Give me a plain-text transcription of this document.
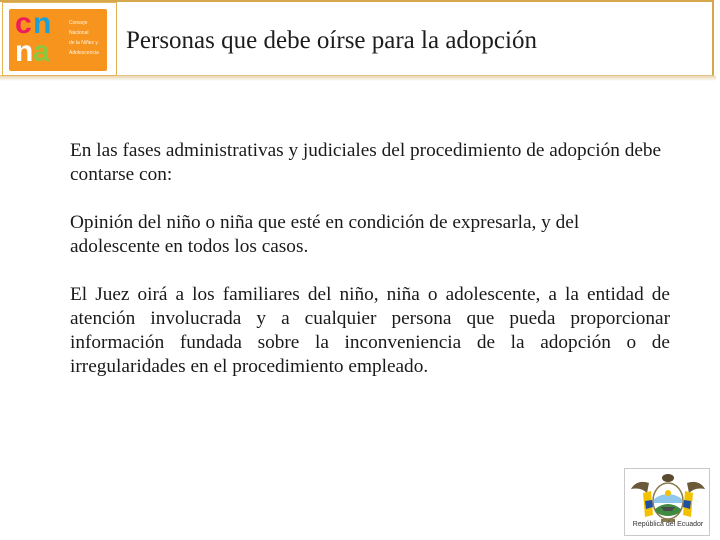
c n
n a
Consejo
Nacional
de la Niñez y
Adolescencia Personas que debe oírse para la adopción

En las fases administrativas y judiciales del procedimiento de adopción debe contarse con:

Opinión del niño o niña que esté en condición de expresarla, y del adolescente en todos los casos.

El Juez oirá a los familiares del niño, niña o adolescente, a la entidad de atención involucrada y a cualquier persona que pueda proporcionar información fundada sobre la inconveniencia de la adopción o de irregularidades en el procedimiento empleado.

República del Ecuador
